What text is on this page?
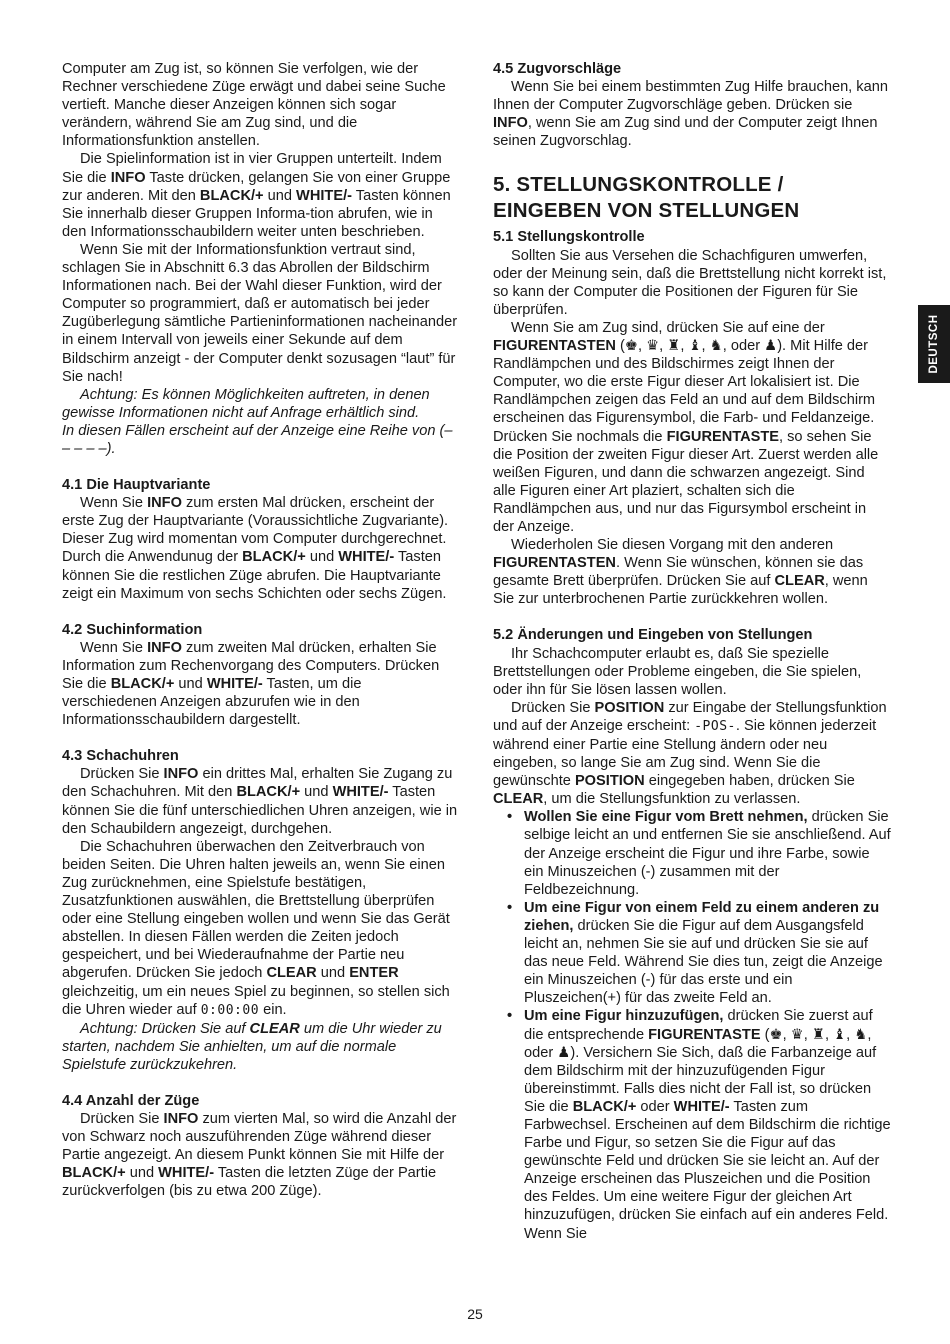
Computer am Zug ist, so können Sie verfolgen, wie der Rechner verschiedene Züge erwägt und dabei seine Suche vertieft. Manche dieser Anzeigen können sich sogar verändern, während Sie am Zug sind, und die Informationsfunktion anstellen.

Die Spielinformation ist in vier Gruppen unterteilt. Indem Sie die INFO Taste drücken, gelangen Sie von einer Gruppe zur anderen. Mit den BLACK/+ und WHITE/- Tasten können Sie innerhalb dieser Gruppen Informa-tion abrufen, wie in den Informationsschaubildern weiter unten beschrieben.

Wenn Sie mit der Informationsfunktion vertraut sind, schlagen Sie in Abschnitt 6.3 das Abrollen der Bildschirm Informationen nach. Bei der Wahl dieser Funktion, wird der Computer so programmiert, daß er automatisch bei jeder Zugüberlegung sämtliche Partieninformationen nacheinander in einem Intervall von jeweils einer Sekunde auf dem Bildschirm anzeigt - der Computer denkt sozusagen “laut” für Sie nach!

Achtung: Es können Möglichkeiten auftreten, in denen gewisse Informationen nicht auf Anfrage erhältlich sind.

In diesen Fällen erscheint auf der Anzeige eine Reihe von (– – – – –).

4.1 Die Hauptvariante

Wenn Sie INFO zum ersten Mal drücken, erscheint der erste Zug der Hauptvariante (Voraussichtliche Zugvariante). Dieser Zug wird momentan vom Computer durchgerechnet. Durch die Anwendunug der BLACK/+ und WHITE/- Tasten können Sie die restlichen Züge abrufen. Die Hauptvariante zeigt ein Maximum von sechs Schichten oder sechs Zügen.

4.2 Suchinformation

Wenn Sie INFO zum zweiten Mal drücken, erhalten Sie Information zum Rechenvorgang des Computers. Drücken Sie die BLACK/+ und WHITE/- Tasten, um die verschiedenen Anzeigen abzurufen wie in den Informationsschaubildern dargestellt.

4.3 Schachuhren

Drücken Sie INFO ein drittes Mal, erhalten Sie Zugang zu den Schachuhren. Mit den BLACK/+ und WHITE/- Tasten können Sie die fünf unterschiedlichen Uhren anzeigen, wie in den Schaubildern angezeigt, durchgehen.

Die Schachuhren überwachen den Zeitverbrauch von beiden Seiten. Die Uhren halten jeweils an, wenn Sie einen Zug zurücknehmen, eine Spielstufe bestätigen, Zusatzfunktionen auswählen, die Brettstellung überprüfen oder eine Stellung eingeben wollen und wenn Sie das Gerät abstellen. In diesen Fällen werden die Zeiten jedoch gespeichert, und bei Wiederaufnahme der Partie neu abgerufen. Drücken Sie jedoch CLEAR und ENTER gleichzeitig, um ein neues Spiel zu beginnen, so stellen sich die Uhren wieder auf 0:00:00 ein.

Achtung: Drücken Sie auf CLEAR um die Uhr wieder zu starten, nachdem Sie anhielten, um auf die normale Spielstufe zurückzukehren.

4.4 Anzahl der Züge

Drücken Sie INFO zum vierten Mal, so wird die Anzahl der von Schwarz noch auszuführenden Züge während dieser Partie angezeigt. An diesem Punkt können Sie mit Hilfe der BLACK/+ und WHITE/- Tasten die letzten Züge der Partie zurückverfolgen (bis zu etwa 200 Züge).

4.5 Zugvorschläge

Wenn Sie bei einem bestimmten Zug Hilfe brauchen, kann Ihnen der Computer Zugvorschläge geben. Drücken sie INFO, wenn Sie am Zug sind und der Computer zeigt Ihnen seinen Zugvorschlag.

5. STELLUNGSKONTROLLE / EINGEBEN VON STELLUNGEN

5.1 Stellungskontrolle

Sollten Sie aus Versehen die Schachfiguren umwerfen, oder der Meinung sein, daß die Brettstellung nicht korrekt ist, so kann der Computer die Positionen der Figuren für Sie überprüfen.

Wenn Sie am Zug sind, drücken Sie auf eine der FIGURENTASTEN (♚, ♛, ♜, ♝, ♞, oder ♟). Mit Hilfe der Randlämpchen und des Bildschirmes zeigt Ihnen der Computer, wo die erste Figur dieser Art lokalisiert ist. Die Randlämpchen zeigen das Feld an und auf dem Bildschirm erscheinen das Figurensymbol, die Farb- und Feldanzeige. Drücken Sie nochmals die FIGURENTASTE, so sehen Sie die Position der zweiten Figur dieser Art. Zuerst werden alle weißen Figuren, und dann die schwarzen angezeigt. Sind alle Figuren einer Art plaziert, schalten sich die Randlämpchen aus, und nur das Figursymbol erscheint in der Anzeige.

Wiederholen Sie diesen Vorgang mit den anderen FIGURENTASTEN. Wenn Sie wünschen, können sie das gesamte Brett überprüfen. Drücken Sie auf CLEAR, wenn Sie zur unterbrochenen Partie zurückkehren wollen.

5.2 Änderungen und Eingeben von Stellungen

Ihr Schachcomputer erlaubt es, daß Sie spezielle Brettstellungen oder Probleme eingeben, die Sie spielen, oder ihn für Sie lösen lassen wollen.

Drücken Sie POSITION zur Eingabe der Stellungsfunktion und auf der Anzeige erscheint: -POS-. Sie können jederzeit während einer Partie eine Stellung ändern oder neu eingeben, so lange Sie am Zug sind. Wenn Sie die gewünschte POSITION eingegeben haben, drücken Sie CLEAR, um die Stellungsfunktion zu verlassen.

• Wollen Sie eine Figur vom Brett nehmen, drücken Sie selbige leicht an und entfernen Sie sie anschließend. Auf der Anzeige erscheint die Figur und ihre Farbe, sowie ein Minuszeichen (-) zusammen mit der Feldbezeichnung.
• Um eine Figur von einem Feld zu einem anderen zu ziehen, drücken Sie die Figur auf dem Ausgangsfeld leicht an, nehmen Sie sie auf und drücken Sie sie auf das neue Feld. Während Sie dies tun, zeigt die Anzeige ein Minuszeichen (-) für das erste und ein Pluszeichen(+) für das zweite Feld an.
• Um eine Figur hinzuzufügen, drücken Sie zuerst auf die entsprechende FIGURENTASTE (♚, ♛, ♜, ♝, ♞, oder ♟). Versichern Sie Sich, daß die Farbanzeige auf dem Bildschirm mit der hinzuzufügenden Figur übereinstimmt. Falls dies nicht der Fall ist, so drücken Sie die BLACK/+ oder WHITE/- Tasten zum Farbwechsel. Erscheinen auf dem Bildschirm die richtige Farbe und Figur, so setzen Sie die Figur auf das gewünschte Feld und drücken Sie sie leicht an. Auf der Anzeige erscheinen das Pluszeichen und die Position des Feldes. Um eine weitere Figur der gleichen Art hinzuzufügen, drücken Sie einfach auf ein anderes Feld. Wenn Sie
DEUTSCH
25
